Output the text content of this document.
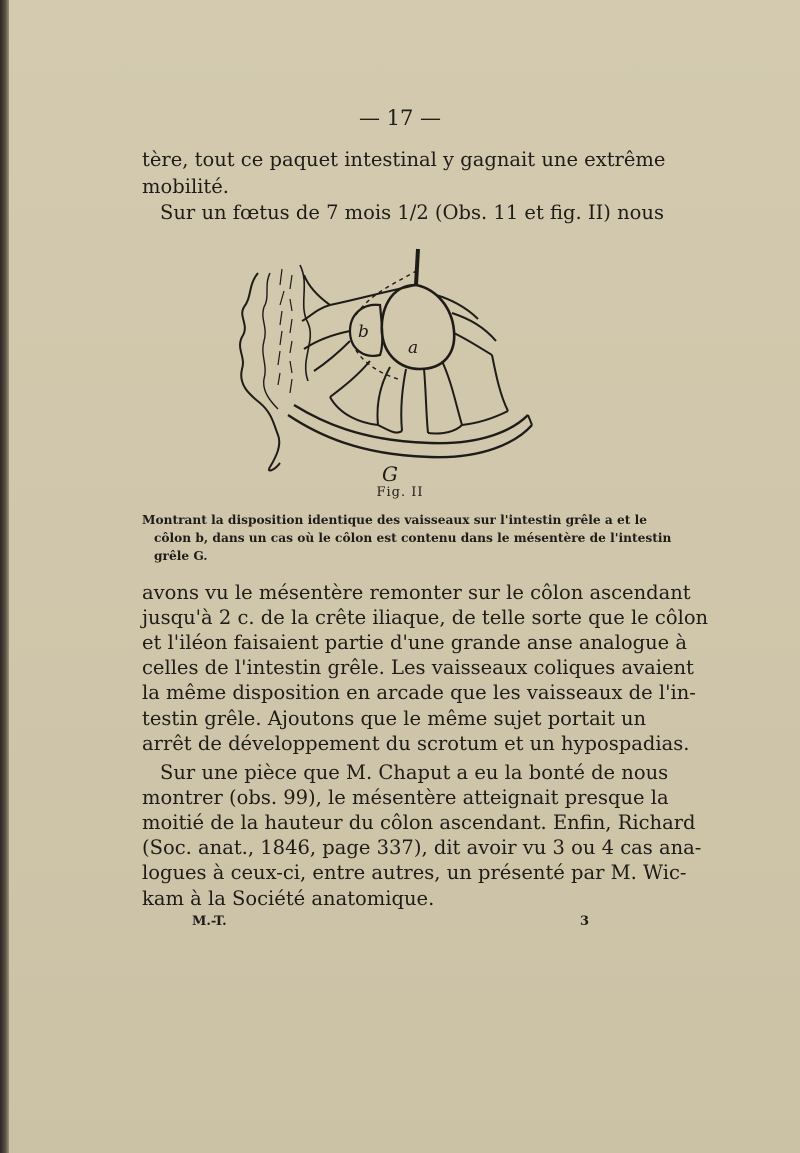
— 17 —
tère, tout ce paquet intestinal y gagnait une extrême
mobilité.
Sur un fœtus de 7 mois 1/2 (Obs. 11 et fig. II) nous
b
a
G
Fig. II
Montrant la disposition identique des vaisseaux sur l'intestin grêle a et le
côlon b, dans un cas où le côlon est contenu dans le mésentère de l'intestin
grêle G.
avons vu le mésentère remonter sur le côlon ascendant
jusqu'à 2 c. de la crête iliaque, de telle sorte que le côlon
et l'iléon faisaient partie d'une grande anse analogue à
celles de l'intestin grêle. Les vaisseaux coliques avaient
la même disposition en arcade que les vaisseaux de l'in-
testin grêle. Ajoutons que le même sujet portait un
arrêt de développement du scrotum et un hypospadias.
Sur une pièce que M. Chaput a eu la bonté de nous
montrer (obs. 99), le mésentère atteignait presque la
moitié de la hauteur du côlon ascendant. Enfin, Richard
(Soc. anat., 1846, page 337), dit avoir vu 3 ou 4 cas ana-
logues à ceux-ci, entre autres, un présenté par M. Wic-
kam à la Société anatomique.
M.-T.	3
